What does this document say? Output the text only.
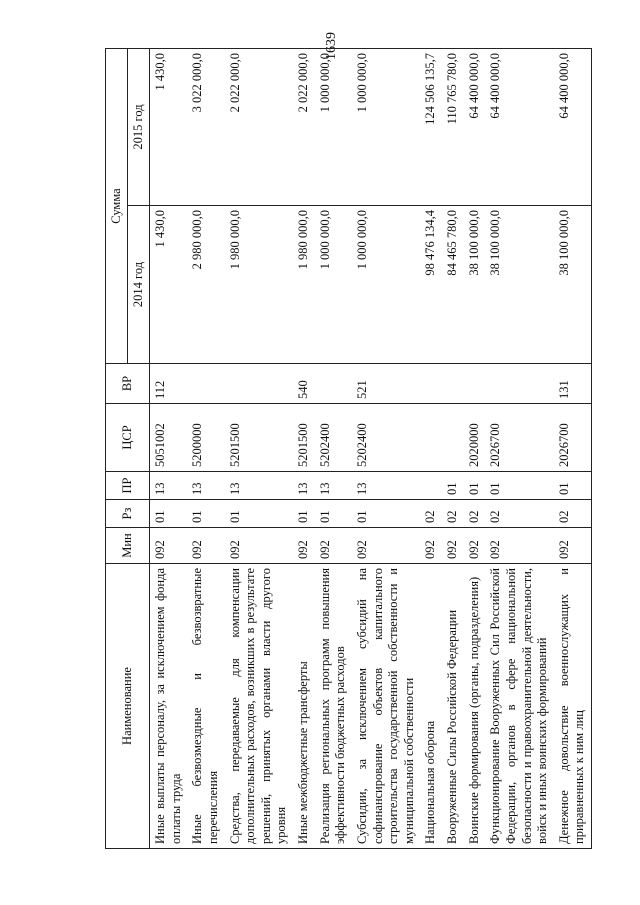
1639
Наименование	Мин	Рз	ПР	ЦСР	ВР	Сумма	
						2014 год	2015 год
Иные выплаты персоналу, за исключением фонда оплаты труда	092	01	13	5051002	112	1 430,0	1 430,0
Иные безвозмездные и безвозвратные перечисления	092	01	13	5200000		2 980 000,0	3 022 000,0
Средства, передаваемые для компенсации дополнительных расходов, возникших в результате решений, принятых органами власти другого уровня	092	01	13	5201500		1 980 000,0	2 022 000,0
Иные межбюджетные трансферты	092	01	13	5201500	540	1 980 000,0	2 022 000,0
Реализация региональных программ повышения эффективности бюджетных расходов	092	01	13	5202400		1 000 000,0	1 000 000,0
Субсидии, за исключением субсидий на софинансирование объектов капитального строительства государственной собственности и муниципальной собственности	092	01	13	5202400	521	1 000 000,0	1 000 000,0
Национальная оборона	092	02				98 476 134,4	124 506 135,7
Вооруженные Силы Российской Федерации	092	02	01			84 465 780,0	110 765 780,0
Воинские формирования (органы, подразделения)	092	02	01	2020000		38 100 000,0	64 400 000,0
Функционирование Вооруженных Сил Российской Федерации, органов в сфере национальной безопасности и правоохранительной деятельности, войск и иных воинских формирований	092	02	01	2026700		38 100 000,0	64 400 000,0
Денежное довольствие военнослужащих и приравненных к ним лиц	092	02	01	2026700	131	38 100 000,0	64 400 000,0
